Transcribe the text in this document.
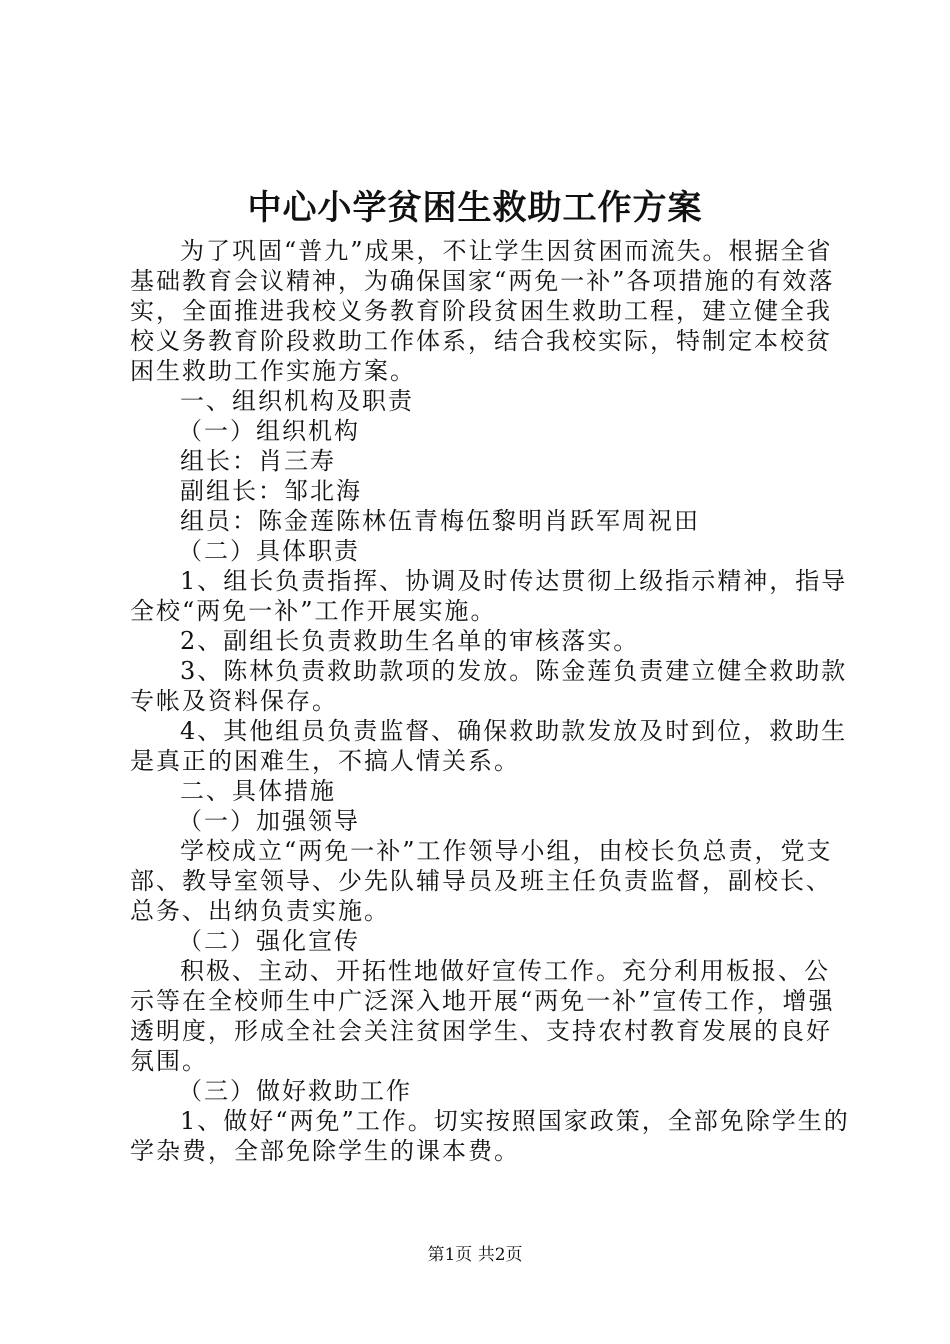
中心小学贫困生救助工作方案

为了巩固“普九”成果，不让学生因贫困而流失。根据全省基础教育会议精神，为确保国家“两免一补”各项措施的有效落实，全面推进我校义务教育阶段贫困生救助工程，建立健全我校义务教育阶段救助工作体系，结合我校实际，特制定本校贫困生救助工作实施方案。

一、组织机构及职责

（一）组织机构

组长：肖三寿

副组长：邹北海

组员：陈金莲陈林伍青梅伍黎明肖跃军周祝田

（二）具体职责

1、组长负责指挥、协调及时传达贯彻上级指示精神，指导全校“两免一补”工作开展实施。

2、副组长负责救助生名单的审核落实。

3、陈林负责救助款项的发放。陈金莲负责建立健全救助款专帐及资料保存。

4、其他组员负责监督、确保救助款发放及时到位，救助生是真正的困难生，不搞人情关系。

二、具体措施

（一）加强领导

学校成立“两免一补”工作领导小组，由校长负总责，党支部、教导室领导、少先队辅导员及班主任负责监督，副校长、总务、出纳负责实施。

（二）强化宣传

积极、主动、开拓性地做好宣传工作。充分利用板报、公示等在全校师生中广泛深入地开展“两免一补”宣传工作，增强透明度，形成全社会关注贫困学生、支持农村教育发展的良好氛围。

（三）做好救助工作

1、做好“两免”工作。切实按照国家政策，全部免除学生的学杂费，全部免除学生的课本费。

第1页 共2页
